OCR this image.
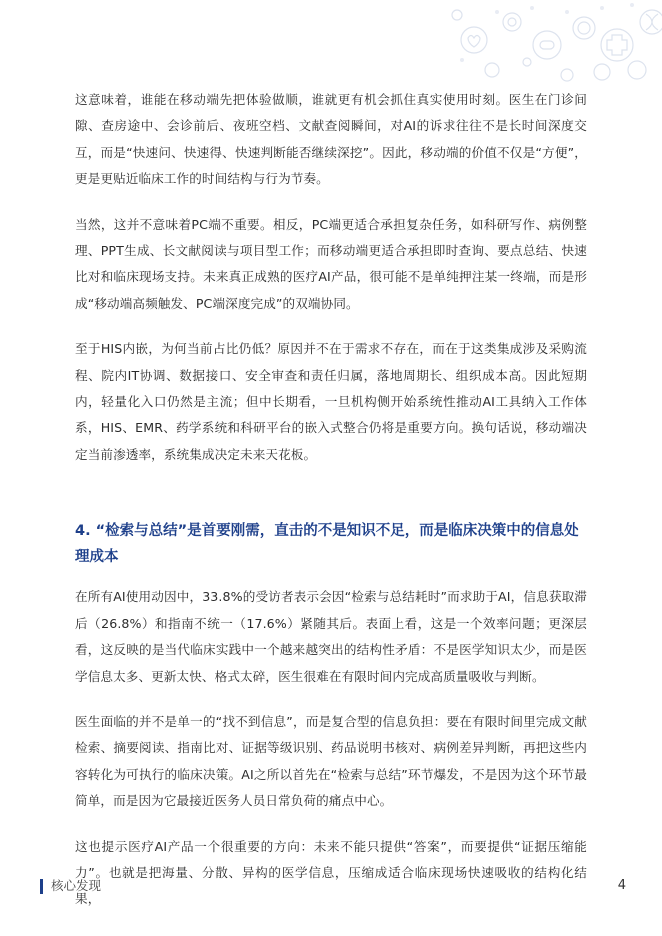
这意味着，谁能在移动端先把体验做顺，谁就更有机会抓住真实使用时刻。医生在门诊间隙、查房途中、会诊前后、夜班空档、文献查阅瞬间，对AI的诉求往往不是长时间深度交互，而是“快速问、快速得、快速判断能否继续深挖”。因此，移动端的价值不仅是“方便”，更是更贴近临床工作的时间结构与行为节奏。

当然，这并不意味着PC端不重要。相反，PC端更适合承担复杂任务，如科研写作、病例整理、PPT生成、长文献阅读与项目型工作；而移动端更适合承担即时查询、要点总结、快速比对和临床现场支持。未来真正成熟的医疗AI产品，很可能不是单纯押注某一终端，而是形成“移动端高频触发、PC端深度完成”的双端协同。

至于HIS内嵌，为何当前占比仍低？原因并不在于需求不存在，而在于这类集成涉及采购流程、院内IT协调、数据接口、安全审查和责任归属，落地周期长、组织成本高。因此短期内，轻量化入口仍然是主流；但中长期看，一旦机构侧开始系统性推动AI工具纳入工作体系，HIS、EMR、药学系统和科研平台的嵌入式整合仍将是重要方向。换句话说，移动端决定当前渗透率，系统集成决定未来天花板。

4. “检索与总结”是首要刚需，直击的不是知识不足，而是临床决策中的信息处理成本

在所有AI使用动因中，33.8%的受访者表示会因“检索与总结耗时”而求助于AI，信息获取滞后（26.8%）和指南不统一（17.6%）紧随其后。表面上看，这是一个效率问题；更深层看，这反映的是当代临床实践中一个越来越突出的结构性矛盾：不是医学知识太少，而是医学信息太多、更新太快、格式太碎，医生很难在有限时间内完成高质量吸收与判断。

医生面临的并不是单一的“找不到信息”，而是复合型的信息负担：要在有限时间里完成文献检索、摘要阅读、指南比对、证据等级识别、药品说明书核对、病例差异判断，再把这些内容转化为可执行的临床决策。AI之所以首先在“检索与总结”环节爆发，不是因为这个环节最简单，而是因为它最接近医务人员日常负荷的痛点中心。

这也提示医疗AI产品一个很重要的方向：未来不能只提供“答案”，而要提供“证据压缩能力”。也就是把海量、分散、异构的医学信息，压缩成适合临床现场快速吸收的结构化结果，

核心发现	4
